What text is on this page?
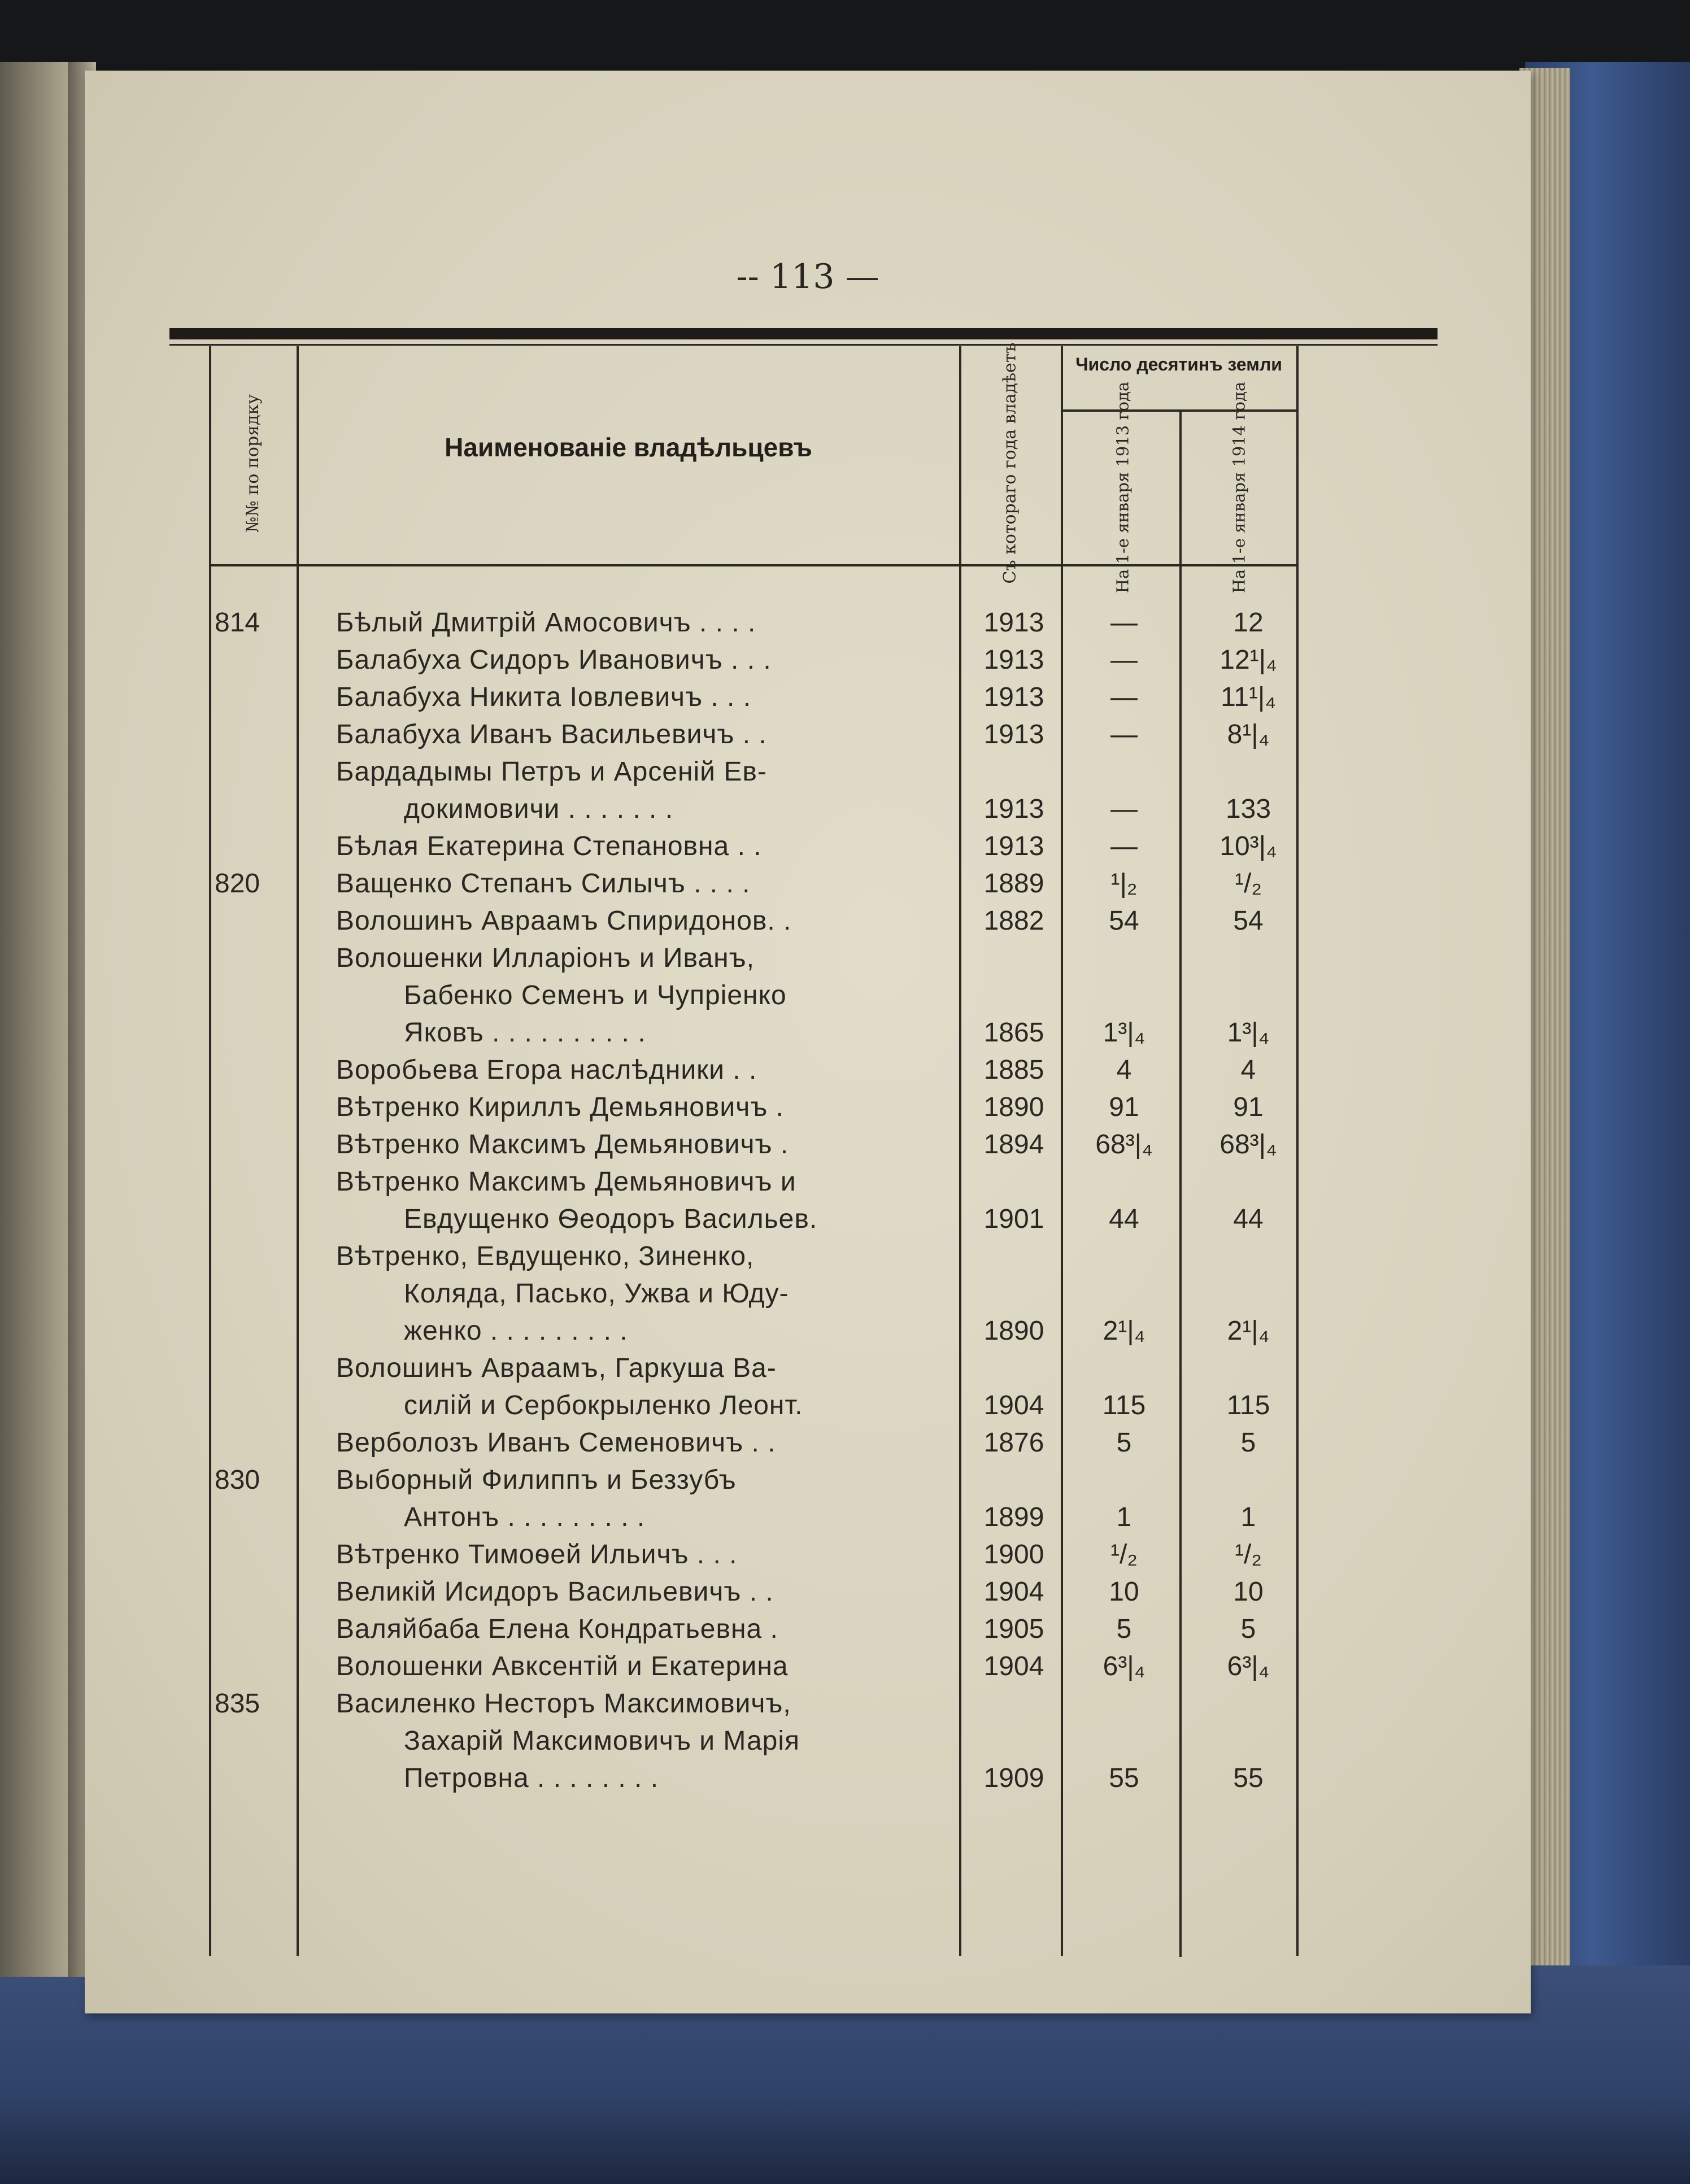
-- 113 —
№№ по порядку	Наименованіе владѣльцевъ	Съ котораго года владѣетъ	Число десятинъ земли
На 1-е января 1913 года	На 1-е января 1914 года
814	Бѣлый Дмитрій Амосовичъ . . . .	1913	—	12
Балабуха Сидоръ Ивановичъ . . .	1913	—	12¹|₄
Балабуха Никита Іовлевичъ . . .	1913	—	11¹|₄
Балабуха Иванъ Васильевичъ . .	1913	—	8¹|₄
Бардадымы Петръ и Арсеній Ев-
докимовичи . . . . . . .	1913	—	133
Бѣлая Екатерина Степановна . .	1913	—	10³|₄
820	Ващенко Степанъ Силычъ . . . .	1889	¹|₂	¹/₂
Волошинъ Авраамъ Спиридонов. .	1882	54	54
Волошенки Илларіонъ и Иванъ,
Бабенко Семенъ и Чупріенко
Яковъ . . . . . . . . . .	1865	1³|₄	1³|₄
Воробьева Егора наслѣдники . .	1885	4	4
Вѣтренко Кириллъ Демьяновичъ .	1890	91	91
Вѣтренко Максимъ Демьяновичъ .	1894	68³|₄	68³|₄
Вѣтренко Максимъ Демьяновичъ и
Евдущенко Ѳеодоръ Васильев.	1901	44	44
Вѣтренко, Евдущенко, Зиненко,
Коляда, Пасько, Ужва и Юду-
женко . . . . . . . . .	1890	2¹|₄	2¹|₄
Волошинъ Авраамъ, Гаркуша Ва-
силій и Сербокрыленко Леонт.	1904	115	115
Верболозъ Иванъ Семеновичъ . .	1876	5	5
830	Выборный Филиппъ и Беззубъ
Антонъ . . . . . . . . .	1899	1	1
Вѣтренко Тимоѳей Ильичъ . . .	1900	¹/₂	¹/₂
Великій Исидоръ Васильевичъ . .	1904	10	10
Валяйбаба Елена Кондратьевна .	1905	5	5
Волошенки Авксентій и Екатерина	1904	6³|₄	6³|₄
835	Василенко Несторъ Максимовичъ,
Захарій Максимовичъ и Марія
Петровна . . . . . . . .	1909	55	55
